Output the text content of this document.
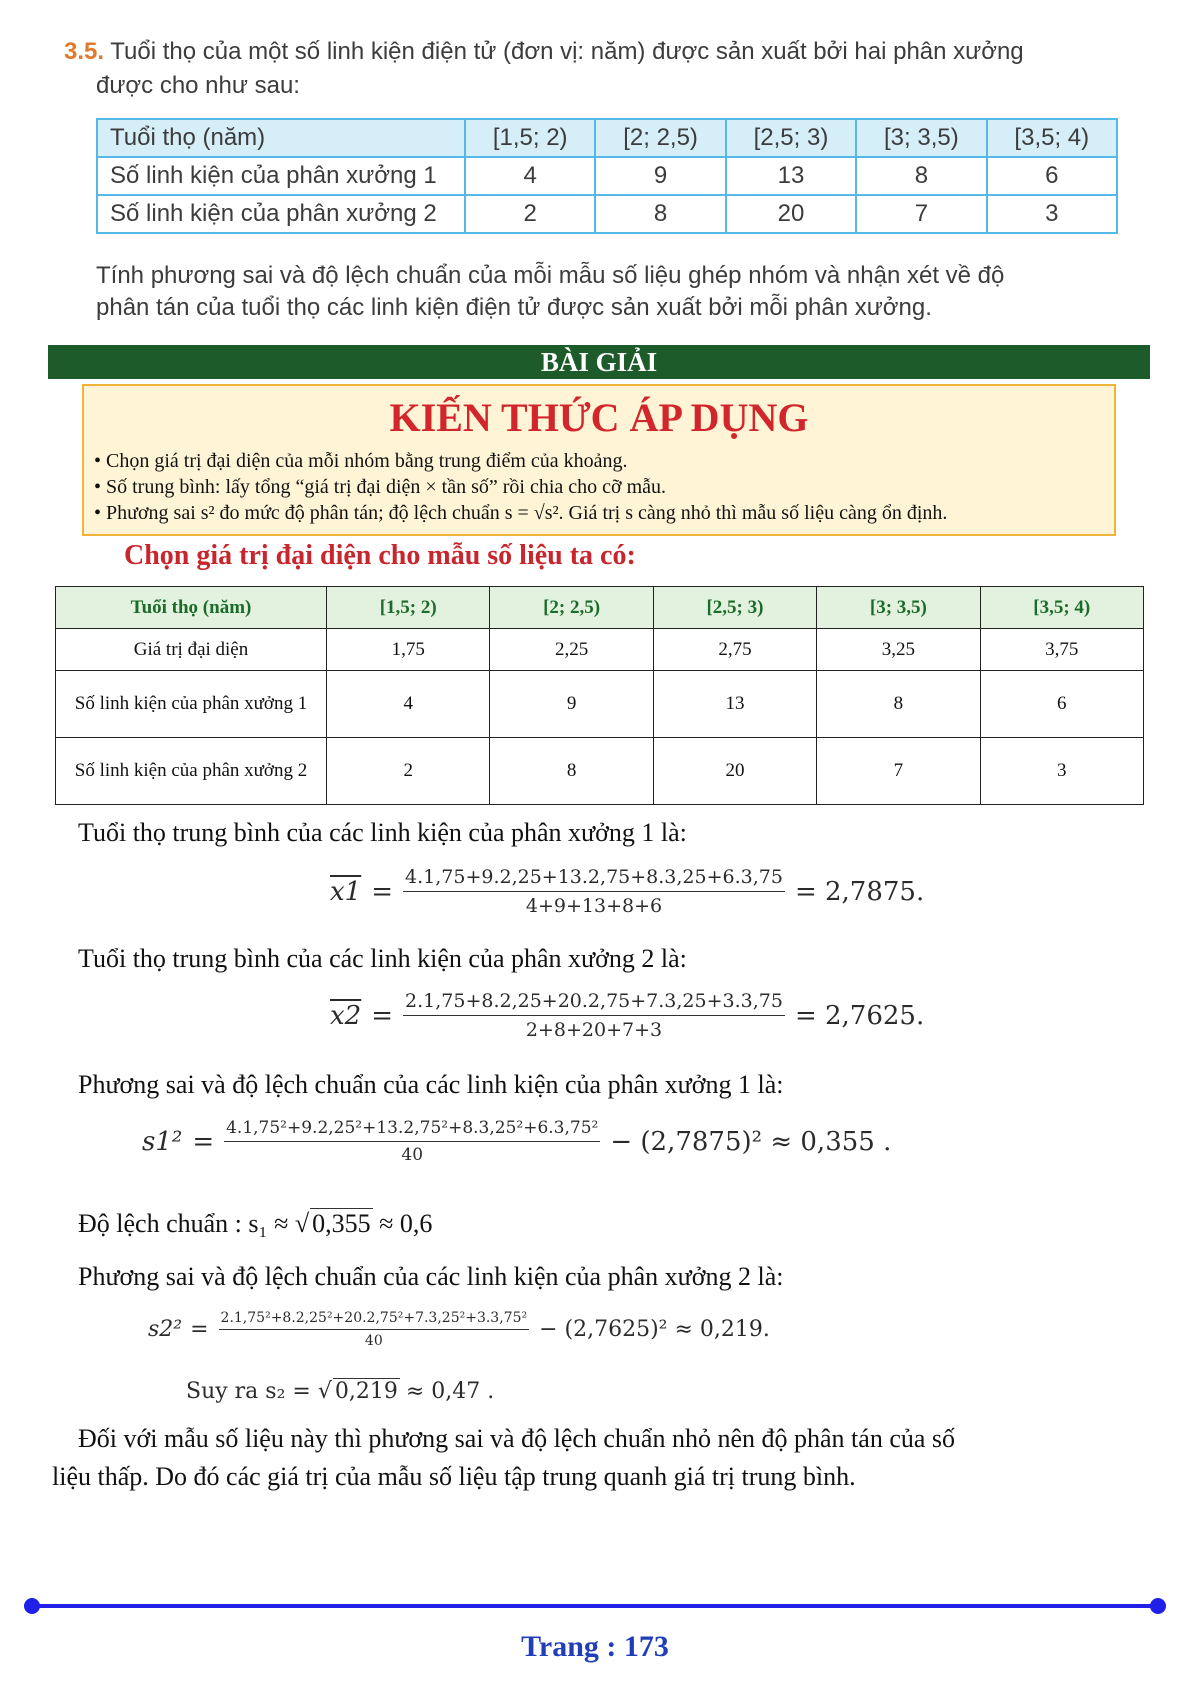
3.5. Tuổi thọ của một số linh kiện điện tử (đơn vị: năm) được sản xuất bởi hai phân xưởng
được cho như sau:
Tuổi thọ (năm)	[1,5; 2)	[2; 2,5)	[2,5; 3)	[3; 3,5)	[3,5; 4)
Số linh kiện của phân xưởng 1	4	9	13	8	6
Số linh kiện của phân xưởng 2	2	8	20	7	3
Tính phương sai và độ lệch chuẩn của mỗi mẫu số liệu ghép nhóm và nhận xét về độ
phân tán của tuổi thọ các linh kiện điện tử được sản xuất bởi mỗi phân xưởng.
BÀI GIẢI
KIẾN THỨC ÁP DỤNG
• Chọn giá trị đại diện của mỗi nhóm bằng trung điểm của khoảng.
• Số trung bình: lấy tổng “giá trị đại diện × tần số” rồi chia cho cỡ mẫu.
• Phương sai s² đo mức độ phân tán; độ lệch chuẩn s = √s². Giá trị s càng nhỏ thì mẫu số liệu càng ổn định.
Chọn giá trị đại diện cho mẫu số liệu ta có:
Tuổi thọ (năm)	[1,5; 2)	[2; 2,5)	[2,5; 3)	[3; 3,5)	[3,5; 4)
Giá trị đại diện	1,75	2,25	2,75	3,25	3,75
Số linh kiện của phân xưởng 1	4	9	13	8	6
Số linh kiện của phân xưởng 2	2	8	20	7	3
Tuổi thọ trung bình của các linh kiện của phân xưởng 1 là:
$x1 = \frac{4.1,75+9.2,25+13.2,75+8.3,25+6.3,75}{4+9+13+8+6} = 2,7875$.
Tuổi thọ trung bình của các linh kiện của phân xưởng 2 là:
$x2 = \frac{2.1,75+8.2,25+20.2,75+7.3,25+3.3,75}{2+8+20+7+3} = 2,7625$.
Phương sai và độ lệch chuẩn của các linh kiện của phân xưởng 1 là:
$s1^2 = \frac{\text{4.1,75²+9.2,25²+13.2,75²+8.3,25²+6.3,75²}}{40} - (2,7875)^2 \approx 0,355$ .
Độ lệch chuẩn : s₁ ≈ √ 0,355 ≈ 0,6
Phương sai và độ lệch chuẩn của các linh kiện của phân xưởng 2 là:
$s2^2 = \frac{\text{2.1,75²+8.2,25²+20.2,75²+7.3,25²+3.3,75²}}{40} - (2,7625)^2 \approx 0,219$.
Suy ra s₂ = √ 0,219 ≈ 0,47 .
Đối với mẫu số liệu này thì phương sai và độ lệch chuẩn nhỏ nên độ phân tán của số
liệu thấp. Do đó các giá trị của mẫu số liệu tập trung quanh giá trị trung bình.
Trang : 173
